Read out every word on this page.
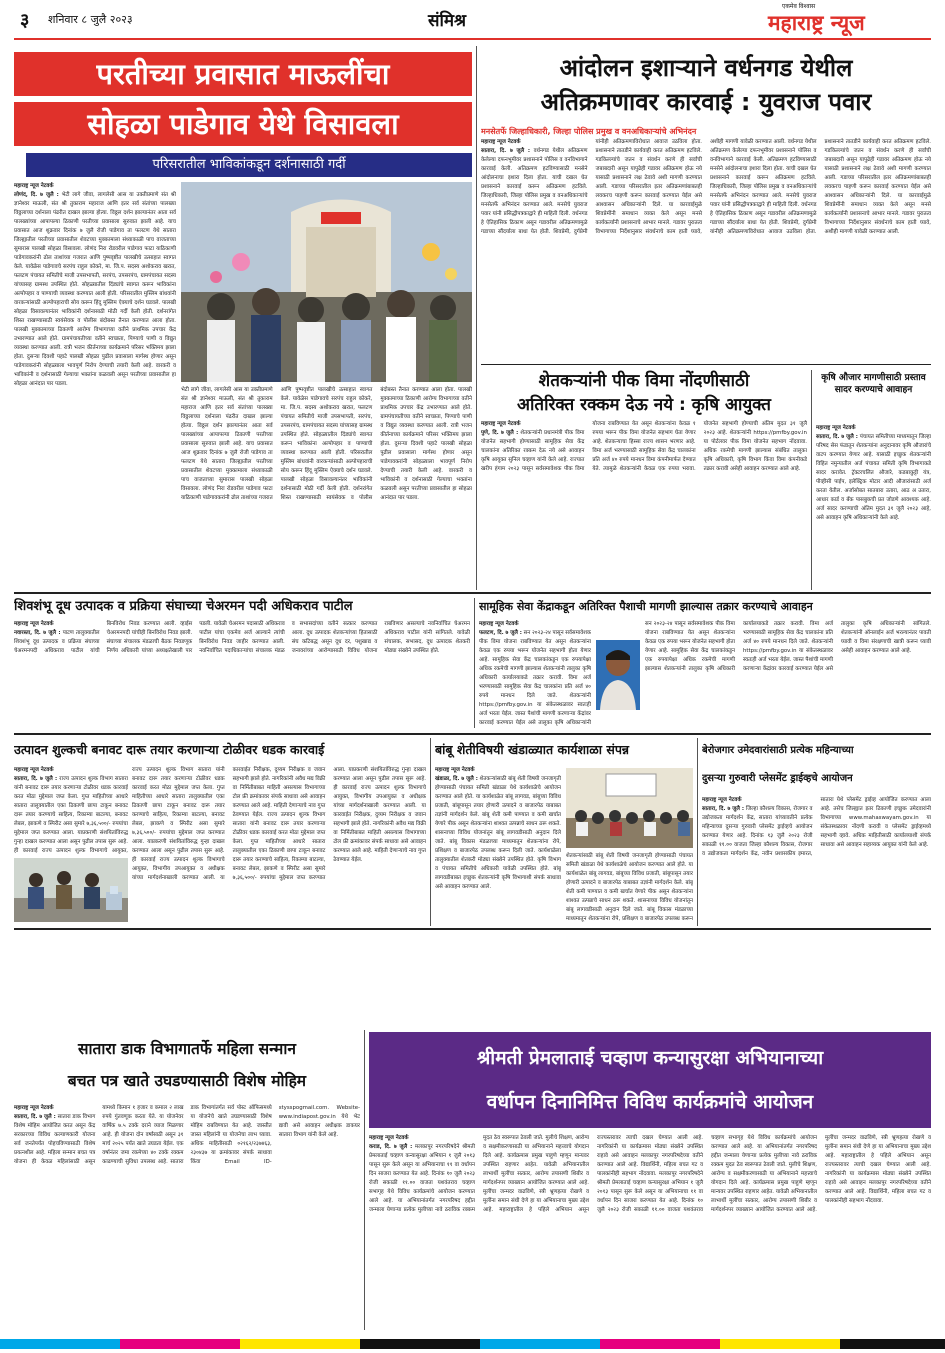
३ शनिवार ८ जुलै २०२३	संमिश्र
एकमेव विश्वास
महाराष्ट्र न्यूज
परतीच्या प्रवासात माऊलींचा
सोहळा पाडेगाव येथे विसावला
परिसरातील भाविकांकडून दर्शनासाठी गर्दी
महाराष्ट्र न्यूज नेटवर्क
लोणंद, दि. ७ जुलै : भेटी लागे जीवा, लागलेसी आस या उक्तीप्रमाणे संत श्री ज्ञानेश्वर माऊली, संत श्री तुकाराम महाराज आणि इतर सर्व संतांच्या पालख्या विठ्ठलाच्या दर्शनाला पंढरीत दाखल झाल्या होत्या. विठ्ठल दर्शन झाल्यानंतर आता सर्व पालख्यांच्या आपापल्या ठिकाणी परतीच्या प्रवासाला सुरुवात झाली आहे. याच प्रवासात आज शुक्रवार दिनांक ७ जुलै रोजी पाडेगाव ता फलटण येथे सातारा जिल्ह्यातील परतीच्या प्रवासातील शेवटच्या मुक्कामाला संध्याकाळी पाच वाजताच्या सुमारास पालखी सोहळा विसावला. लोणंद निरा रोडवरील पाडेगाव फाटा याठिकाणी पाडेगावकरांनी ढोल ताशांच्या गजरात आणि पुष्पवृष्टीत पालखीचे उत्साहात स्वागत केले. यावेळेस पाडेगावचे सरपंच राहुल कोकरे, मा. जि.प. सदस्य अशोकराव खरात, फलटण पंचायत समितीचे माजी उपसभापती, सरपंच, उपसरपंच, ग्रामपंचायत सदस्य यांच्यासह ग्रामस्थ उपस्थित होते. सोहळ्यातील दिंड्यांचे स्वागत करून भाविकांना अल्पोपहार व पाण्याची व्यवस्था करण्यात आली होती. परिसरातील मुस्लिम बांधवांनी वारकऱ्यांसाठी अल्पोपहाराची सोय करून हिंदू मुस्लिम ऐक्याचे दर्शन घडवले. पालखी सोहळा विसावल्यानंतर भाविकांनी दर्शनासाठी मोठी गर्दी केली होती. दर्शनरांगेत शिस्त राखण्यासाठी स्वयंसेवक व पोलीस बंदोबस्त तैनात करण्यात आला होता. पालखी मुक्कामाच्या ठिकाणी आरोग्य विभागाच्या वतीने प्राथमिक उपचार केंद्र उभारण्यात आले होते. ग्रामपंचायतीच्या वतीने स्वच्छता, पिण्याचे पाणी व विद्युत व्यवस्था करण्यात आली. रात्री भजन कीर्तनाच्या कार्यक्रमाने परिसर भक्तिमय झाला होता. दुसऱ्या दिवशी पहाटे पालखी सोहळा पुढील प्रवासाला मार्गस्थ होणार असून पाडेगावकरांनी सोहळ्याला भावपूर्ण निरोप देण्याची तयारी केली आहे. वारकरी व भाविकांनी व दर्शनासाठी गेल्याचा भक्तांना कळवली असून परतीच्या प्रवासातील हा सोहळा आनंदात पार पडला.
भेटी लागे जीवा, लागलेसी आस या उक्तीप्रमाणे संत श्री ज्ञानेश्वर माऊली, संत श्री तुकाराम महाराज आणि इतर सर्व संतांच्या पालख्या विठ्ठलाच्या दर्शनाला पंढरीत दाखल झाल्या होत्या. विठ्ठल दर्शन झाल्यानंतर आता सर्व पालख्यांच्या आपापल्या ठिकाणी परतीच्या प्रवासाला सुरुवात झाली आहे. याच प्रवासात आज शुक्रवार दिनांक ७ जुलै रोजी पाडेगाव ता फलटण येथे सातारा जिल्ह्यातील परतीच्या प्रवासातील शेवटच्या मुक्कामाला संध्याकाळी पाच वाजताच्या सुमारास पालखी सोहळा विसावला. लोणंद निरा रोडवरील पाडेगाव फाटा याठिकाणी पाडेगावकरांनी ढोल ताशांच्या गजरात आणि पुष्पवृष्टीत पालखीचे उत्साहात स्वागत केले. यावेळेस पाडेगावचे सरपंच राहुल कोकरे, मा. जि.प. सदस्य अशोकराव खरात, फलटण पंचायत समितीचे माजी उपसभापती, सरपंच, उपसरपंच, ग्रामपंचायत सदस्य यांच्यासह ग्रामस्थ उपस्थित होते. सोहळ्यातील दिंड्यांचे स्वागत करून भाविकांना अल्पोपहार व पाण्याची व्यवस्था करण्यात आली होती. परिसरातील मुस्लिम बांधवांनी वारकऱ्यांसाठी अल्पोपहाराची सोय करून हिंदू मुस्लिम ऐक्याचे दर्शन घडवले. पालखी सोहळा विसावल्यानंतर भाविकांनी दर्शनासाठी मोठी गर्दी केली होती. दर्शनरांगेत शिस्त राखण्यासाठी स्वयंसेवक व पोलीस बंदोबस्त तैनात करण्यात आला होता. पालखी मुक्कामाच्या ठिकाणी आरोग्य विभागाच्या वतीने प्राथमिक उपचार केंद्र उभारण्यात आले होते. ग्रामपंचायतीच्या वतीने स्वच्छता, पिण्याचे पाणी व विद्युत व्यवस्था करण्यात आली. रात्री भजन कीर्तनाच्या कार्यक्रमाने परिसर भक्तिमय झाला होता. दुसऱ्या दिवशी पहाटे पालखी सोहळा पुढील प्रवासाला मार्गस्थ होणार असून पाडेगावकरांनी सोहळ्याला भावपूर्ण निरोप देण्याची तयारी केली आहे. वारकरी व भाविकांनी व दर्शनासाठी गेल्याचा भक्तांना कळवली असून परतीच्या प्रवासातील हा सोहळा आनंदात पार पडला.
आंदोलन इशाऱ्याने वर्धनगड येथील
अतिक्रमणावर कारवाई : युवराज पवार
मनसेतर्फे जिल्हाधिकारी, जिल्हा पोलिस प्रमुख व वनअधिकाऱ्यांचे अभिनंदन
महाराष्ट्र न्यूज नेटवर्क
सातारा, दि. ७ जुलै : वर्धनगड येथील अतिक्रमण केलेल्या दफनभूमीवर प्रशासनाने पोलिस व वनविभागाने कारवाई केली. अतिक्रमण हटविण्यासाठी मनसेने आंदोलनाचा इशारा दिला होता. याची दखल घेत प्रशासनाने कारवाई करून अतिक्रमण हटविले. जिल्हाधिकारी, जिल्हा पोलिस प्रमुख व वनअधिकाऱ्यांचे मनसेतर्फे अभिनंदन करण्यात आले. मनसेचे युवराज पवार यांनी प्रसिद्धीपत्रकाद्वारे ही माहिती दिली. वर्धनगड हे ऐतिहासिक ठिकाण असून गडावरील अतिक्रमणामुळे गडाच्या सौंदर्याला बाधा येत होती. शिवप्रेमी, दुर्गप्रेमी यांनीही अतिक्रमणाविरोधात आवाज उठविला होता. प्रशासनाने तातडीने कार्यवाही करत अतिक्रमण हटविले. गडकिल्ल्यांचे जतन व संवर्धन करणे ही सर्वांची जबाबदारी असून यापुढेही गडावर अतिक्रमण होऊ नये यासाठी प्रशासनाने लक्ष ठेवावे अशी मागणी करण्यात आली. गडाच्या परिसरातील इतर अतिक्रमणांबाबतही लवकरच पाहणी करून कारवाई करण्यात येईल असे आश्वासन अधिकाऱ्यांनी दिले. या कारवाईमुळे शिवप्रेमींनी समाधान व्यक्त केले असून मनसे कार्यकर्त्यांनी प्रशासनाचे आभार मानले. गडावर पुरातत्व विभागाच्या निर्देशानुसार संवर्धनाचे काम हाती घ्यावे, अशीही मागणी यावेळी करण्यात आली. वर्धनगड येथील अतिक्रमण केलेल्या दफनभूमीवर प्रशासनाने पोलिस व वनविभागाने कारवाई केली. अतिक्रमण हटविण्यासाठी मनसेने आंदोलनाचा इशारा दिला होता. याची दखल घेत प्रशासनाने कारवाई करून अतिक्रमण हटविले. जिल्हाधिकारी, जिल्हा पोलिस प्रमुख व वनअधिकाऱ्यांचे मनसेतर्फे अभिनंदन करण्यात आले. मनसेचे युवराज पवार यांनी प्रसिद्धीपत्रकाद्वारे ही माहिती दिली. वर्धनगड हे ऐतिहासिक ठिकाण असून गडावरील अतिक्रमणामुळे गडाच्या सौंदर्याला बाधा येत होती. शिवप्रेमी, दुर्गप्रेमी यांनीही अतिक्रमणाविरोधात आवाज उठविला होता. प्रशासनाने तातडीने कार्यवाही करत अतिक्रमण हटविले. गडकिल्ल्यांचे जतन व संवर्धन करणे ही सर्वांची जबाबदारी असून यापुढेही गडावर अतिक्रमण होऊ नये यासाठी प्रशासनाने लक्ष ठेवावे अशी मागणी करण्यात आली. गडाच्या परिसरातील इतर अतिक्रमणांबाबतही लवकरच पाहणी करून कारवाई करण्यात येईल असे आश्वासन अधिकाऱ्यांनी दिले. या कारवाईमुळे शिवप्रेमींनी समाधान व्यक्त केले असून मनसे कार्यकर्त्यांनी प्रशासनाचे आभार मानले. गडावर पुरातत्व विभागाच्या निर्देशानुसार संवर्धनाचे काम हाती घ्यावे, अशीही मागणी यावेळी करण्यात आली.
शेतकऱ्यांनी पीक विमा नोंदणीसाठी
अतिरिक्त रक्कम देऊ नये : कृषि आयुक्त
महाराष्ट्र न्यूज नेटवर्क
पुणे, दि. ७ जुलै : शेतकऱ्यांनी प्रधानमंत्री पीक विमा योजनेत सहभागी होण्यासाठी सामूहिक सेवा केंद्र चालकांना अतिरिक्त रक्कम देऊ नये असे आवाहन कृषि आयुक्त सुनिल चव्हाण यांनी केले आहे. राज्यात खरीप हंगाम २०२३ पासून सर्वसमावेशक पीक विमा योजना राबविण्यात येत असून शेतकऱ्यांना केवळ १ रुपया भरून पीक विमा योजनेत सहभाग घेता येणार आहे. शेतकऱ्याचा हिस्सा राज्य शासन भरणार आहे. विमा अर्ज भरण्यासाठी सामूहिक सेवा केंद्र चालकांना प्रति अर्ज ४० रुपये मानधन विमा कंपनीमार्फत देण्यात येते. त्यामुळे शेतकऱ्यांनी केवळ एक रुपया भरावा. योजनेत सहभागी होण्याची अंतिम मुदत ३१ जुलै २०२३ आहे. शेतकऱ्यांनी https://pmfby.gov.in या पोर्टलवर पीक विमा योजनेत सहभाग नोंदवावा. अधिक रकमेची मागणी झाल्यास संबंधित तालुका कृषि अधिकारी, कृषि विभाग किंवा विमा कंपनीकडे तक्रार करावी असेही आवाहन करण्यात आले आहे.
कृषि औजार मागणीसाठी प्रस्ताव सादर करण्याचे आवाहन
महाराष्ट्र न्यूज नेटवर्क
सातारा, दि. ७ जुलै : पंचायत समितीच्या माध्यमातून जिल्हा परिषद सेस फंडातून शेतकऱ्यांना अनुदानावर कृषि औजारांचे वाटप करण्यात येणार आहे. यासाठी इच्छुक शेतकऱ्यांनी विहित नमुन्यातील अर्ज पंचायत समिती कृषि विभागाकडे सादर करावेत. ट्रॅक्टरचलित औजारे, कडबाकुट्टी यंत्र, पीव्हीसी पाईप, इलेक्ट्रिक मोटार आदी औजारांसाठी अर्ज करता येतील. अर्जासोबत सातबारा उतारा, आठ अ उतारा, आधार कार्ड व बँक पासबुकची प्रत जोडणे आवश्यक आहे. अर्ज सादर करण्याची अंतिम मुदत ३१ जुलै २०२३ आहे, असे आवाहन कृषि अधिकाऱ्यांनी केले आहे.
शिवशंभू दूध उत्पादक व प्रक्रिया संघाच्या चेअरमन पदी अधिकराव पाटील
महाराष्ट्र न्यूज नेटवर्क
नवारस्ता, दि. ७ जुलै : पाटण तालुक्यातील शिवशंभू दूध उत्पादक व प्रक्रिया संघाच्या चेअरमनपदी अधिकराव पाटील यांची बिनविरोध निवड करण्यात आली. व्हाईस चेअरमनपदी यांचीही बिनविरोध निवड झाली. संघाच्या संचालक मंडळाची बैठक निवडणूक निर्णय अधिकारी यांच्या अध्यक्षतेखाली पार पडली. यावेळी चेअरमन पदासाठी अधिकराव पाटील यांचा एकमेव अर्ज आल्याने त्यांची बिनविरोध निवड जाहीर करण्यात आली. नवनिर्वाचित पदाधिकाऱ्यांचा संचालक मंडळ व सभासदांच्या वतीने सत्कार करण्यात आला. दूध उत्पादक शेतकऱ्यांच्या हितासाठी संघ कटिबद्ध असून दूध दर, पशुखाद्य व जनावरांच्या आरोग्यासाठी विविध योजना राबविणार असल्याचे नवनिर्वाचित चेअरमन अधिकराव पाटील यांनी सांगितले. यावेळी संचालक, सभासद, दूध उत्पादक शेतकरी मोठ्या संख्येने उपस्थित होते.
सामूहिक सेवा केंद्राकडून अतिरिक्त पैशाची मागणी झाल्यास तक्रार करण्याचे आवाहन
महाराष्ट्र न्यूज नेटवर्क
फलटण, दि. ७ जुलै : सन २०२३-२४ पासून सर्वसमावेशक पीक विमा योजना राबविण्यात येत असून शेतकऱ्यांना केवळ एक रुपया भरून योजनेत सहभागी होता येणार आहे. सामूहिक सेवा केंद्र चालकांकडून एक रुपयापेक्षा अधिक रकमेची मागणी झाल्यास शेतकऱ्यांनी तालुका कृषि अधिकारी कार्यालयाकडे तक्रार करावी. विमा अर्ज भरण्यासाठी सामूहिक सेवा केंद्र चालकांना प्रति अर्ज ४० रुपये मानधन दिले जाते. शेतकऱ्यांनी https://pmfby.gov.in या संकेतस्थळावर स्वतःही अर्ज भरता येईल. जास्त पैशांची मागणी करणाऱ्या केंद्रांवर कारवाई करण्यात येईल असे तालुका कृषि अधिकाऱ्यांनी
सन २०२३-२४ पासून सर्वसमावेशक पीक विमा योजना राबविण्यात येत असून शेतकऱ्यांना केवळ एक रुपया भरून योजनेत सहभागी होता येणार आहे. सामूहिक सेवा केंद्र चालकांकडून एक रुपयापेक्षा अधिक रकमेची मागणी झाल्यास शेतकऱ्यांनी तालुका कृषि अधिकारी कार्यालयाकडे तक्रार करावी. विमा अर्ज भरण्यासाठी सामूहिक सेवा केंद्र चालकांना प्रति अर्ज ४० रुपये मानधन दिले जाते. शेतकऱ्यांनी https://pmfby.gov.in या संकेतस्थळावर स्वतःही अर्ज भरता येईल. जास्त पैशांची मागणी करणाऱ्या केंद्रांवर कारवाई करण्यात येईल असे तालुका कृषि अधिकाऱ्यांनी सांगितले. शेतकऱ्यांनी ऑनलाईन अर्ज भरल्यानंतर पावती घ्यावी व विमा संरक्षणाची खात्री करून घ्यावी असेही आवाहन करण्यात आले आहे.
उत्पादन शुल्कची बनावट दारू तयार करणाऱ्या टोळीवर धडक कारवाई
महाराष्ट्र न्यूज नेटवर्क
सातारा, दि. ७ जुलै : राज्य उत्पादन शुल्क विभाग सातारा यांनी बनावट दारू तयार करणाऱ्या टोळीवर धडक कारवाई करत मोठा मुद्देमाल जप्त केला. गुप्त माहितीच्या आधारे सातारा तालुक्यातील एका ठिकाणी छापा टाकून बनावट दारू तयार करण्याचे साहित्य, रिकाम्या बाटल्या, बनावट लेबल, झाकणे व स्पिरीट असा सुमारे ७,३६,५००/- रुपयांचा मुद्देमाल जप्त करण्यात आला. याप्रकरणी संशयितांविरुद्ध गुन्हा दाखल करण्यात आला असून पुढील तपास सुरू आहे. ही कारवाई राज्य उत्पादन शुल्क विभागाचे आयुक्त,
राज्य उत्पादन शुल्क विभाग सातारा यांनी बनावट दारू तयार करणाऱ्या टोळीवर धडक कारवाई करत मोठा मुद्देमाल जप्त केला. गुप्त माहितीच्या आधारे सातारा तालुक्यातील एका ठिकाणी छापा टाकून बनावट दारू तयार करण्याचे साहित्य, रिकाम्या बाटल्या, बनावट लेबल, झाकणे व स्पिरीट असा सुमारे ७,३६,५००/- रुपयांचा मुद्देमाल जप्त करण्यात आला. याप्रकरणी संशयितांविरुद्ध गुन्हा दाखल करण्यात आला असून पुढील तपास सुरू आहे. ही कारवाई राज्य उत्पादन शुल्क विभागाचे आयुक्त, विभागीय उपआयुक्त व अधीक्षक यांच्या मार्गदर्शनाखाली करण्यात आली. या कारवाईत निरीक्षक, दुय्यम निरीक्षक व जवान सहभागी झाले होते. नागरिकांनी अवैध मद्य विक्री वा निर्मितीबाबत माहिती असल्यास विभागाच्या टोल फ्री क्रमांकावर संपर्क साधावा असे आवाहन करण्यात आले आहे. माहिती देणाऱ्याचे नाव गुप्त ठेवण्यात येईल. राज्य उत्पादन शुल्क विभाग सातारा यांनी बनावट दारू तयार करणाऱ्या टोळीवर धडक कारवाई करत मोठा मुद्देमाल जप्त केला. गुप्त माहितीच्या आधारे सातारा तालुक्यातील एका ठिकाणी छापा टाकून बनावट दारू तयार करण्याचे साहित्य, रिकाम्या बाटल्या, बनावट लेबल, झाकणे व स्पिरीट असा सुमारे ७,३६,५००/- रुपयांचा मुद्देमाल जप्त करण्यात आला. याप्रकरणी संशयितांविरुद्ध गुन्हा दाखल करण्यात आला असून पुढील तपास सुरू आहे. ही कारवाई राज्य उत्पादन शुल्क विभागाचे आयुक्त, विभागीय उपआयुक्त व अधीक्षक यांच्या मार्गदर्शनाखाली करण्यात आली. या कारवाईत निरीक्षक, दुय्यम निरीक्षक व जवान सहभागी झाले होते. नागरिकांनी अवैध मद्य विक्री वा निर्मितीबाबत माहिती असल्यास विभागाच्या टोल फ्री क्रमांकावर संपर्क साधावा असे आवाहन करण्यात आले आहे. माहिती देणाऱ्याचे नाव गुप्त ठेवण्यात येईल.
बांबू शेतीविषयी खंडाळ्यात कार्यशाळा संपन्न
महाराष्ट्र न्यूज नेटवर्क
खंडाळा, दि. ७ जुलै : शेतकऱ्यांसाठी बांबू शेती विषयी जनजागृती होण्यासाठी पंचायत समिती खंडाळा येथे कार्यशाळेचे आयोजन करण्यात आले होते. या कार्यशाळेत बांबू लागवड, बांबूच्या विविध प्रजाती, बांबूपासून तयार होणारी उत्पादने व बाजारपेठ याबाबत तज्ञांनी मार्गदर्शन केले. बांबू शेती कमी पाण्यात व कमी खर्चात येणारे पीक असून शेतकऱ्यांना शाश्वत उत्पन्नाचे साधन ठरू शकते. शासनाच्या विविध योजनांतून बांबू लागवडीसाठी अनुदान दिले जाते. बांबू विकास मंडळाच्या माध्यमातून शेतकऱ्यांना रोपे, प्रशिक्षण व बाजारपेठ उपलब्ध करून दिली जाते. कार्यशाळेला तालुक्यातील शेतकरी मोठ्या संख्येने उपस्थित होते. कृषि विभाग व पंचायत समितीचे अधिकारी यावेळी उपस्थित होते. बांबू लागवडीबाबत इच्छुक शेतकऱ्यांनी कृषि विभागाशी संपर्क साधावा असे आवाहन करण्यात आले.
शेतकऱ्यांसाठी बांबू शेती विषयी जनजागृती होण्यासाठी पंचायत समिती खंडाळा येथे कार्यशाळेचे आयोजन करण्यात आले होते. या कार्यशाळेत बांबू लागवड, बांबूच्या विविध प्रजाती, बांबूपासून तयार होणारी उत्पादने व बाजारपेठ याबाबत तज्ञांनी मार्गदर्शन केले. बांबू शेती कमी पाण्यात व कमी खर्चात येणारे पीक असून शेतकऱ्यांना शाश्वत उत्पन्नाचे साधन ठरू शकते. शासनाच्या विविध योजनांतून बांबू लागवडीसाठी अनुदान दिले जाते. बांबू विकास मंडळाच्या माध्यमातून शेतकऱ्यांना रोपे, प्रशिक्षण व बाजारपेठ उपलब्ध करून
बेरोजगार उमेदवारांसाठी प्रत्येक महिन्याच्या
दुसऱ्या गुरुवारी प्लेसमेंट ड्राईव्हचे आयोजन
महाराष्ट्र न्यूज नेटवर्क
सातारा, दि. ७ जुलै : जिल्हा कौशल्य विकास, रोजगार व उद्योजकता मार्गदर्शन केंद्र, सातारा यांच्यावतीने प्रत्येक महिन्याच्या दुसऱ्या गुरुवारी प्लेसमेंट ड्राईव्हचे आयोजन करण्यात येणार आहे. दिनांक १३ जुलै २०२३ रोजी सकाळी ११.०० वाजता जिल्हा कौशल्य विकास, रोजगार व उद्योजकता मार्गदर्शन केंद्र, नवीन प्रशासकीय इमारत, सातारा येथे प्लेसमेंट ड्राईव्ह आयोजित करण्यात आला आहे. तसेच जिल्ह्यात इतर ठिकाणी इच्छुक उमेदवारांनी विभागाच्या www.mahaswayam.gov.in या संकेतस्थळावर नोंदणी करावी व प्लेसमेंट ड्राईव्हमध्ये सहभागी व्हावे. अधिक माहितीसाठी कार्यालयाशी संपर्क साधावा असे आवाहन सहाय्यक आयुक्त यांनी केले आहे.
सातारा डाक विभागातर्फे महिला सन्मान
बचत पत्र खाते उघडण्यासाठी विशेष मोहिम
महाराष्ट्र न्यूज नेटवर्क
सातारा, दि. ७ जुलै : सातारा डाक विभाग विशेष मोहिम आयोजित करत असून केंद्र सरकारच्या विविध कल्याणकारी योजना सर्व जनतेपर्यंत पोहचविण्यासाठी विशेष प्रयत्नशील आहे. महिला सन्मान बचत पत्र योजना ही केवळ महिलांसाठी असून यामध्ये किमान १ हजार व कमाल २ लाख रुपये गुंतवणूक करता येते. या योजनेवर वार्षिक ७.५ टक्के दराने व्याज मिळणार आहे. ही योजना दोन वर्षांसाठी असून ३१ मार्च २०२५ पर्यंत खाते उघडता येईल. एक वर्षानंतर जमा रकमेच्या ४० टक्के रक्कम काढण्याची सुविधा उपलब्ध आहे. सातारा डाक विभागांतर्गत सर्व पोस्ट ऑफिसमध्ये या योजनेचे खाते उघडण्यासाठी विशेष मोहिम राबविण्यात येत आहे. जास्तीत जास्त महिलांनी या योजनेचा लाभ घ्यावा. अधिक माहितीसाठी ०२१६२/२३७४६३, २३०४३७ या क्रमांकावर संपर्क साधावा किंवा Email ID- stysspogmail.com. Website- www.indiapost.gov.in येथे भेट द्यावी असे आवाहन अधीक्षक डाकघर सातारा विभाग यांनी केले आहे.
श्रीमती प्रेमलाताई चव्हाण कन्यासुरक्षा अभियानाच्या
वर्धापन दिनानिमित्त विविध कार्यक्रमांचे आयोजन
महाराष्ट्र न्यूज नेटवर्क
कराड, दि. ७ जुलै : मलकापूर नगरपरिषदेने श्रीमती प्रेमलाताई चव्हाण कन्यासुरक्षा अभियान १ जुलै २०१३ पासून सुरू केले असून या अभियानाचा ११ वा वर्धापन दिन साजरा करण्यात येत आहे. दिनांक १० जुलै २०२३ रोजी सकाळी ११.०० वाजता यशवंतराव चव्हाण सभागृह येथे विविध कार्यक्रमांचे आयोजन करण्यात आले आहे. या अभियानांतर्गत नगरपरिषद हद्दीत जन्माला येणाऱ्या प्रत्येक मुलीच्या नावे ठराविक रक्कम मुदत ठेव स्वरूपात ठेवली जाते. मुलीचे शिक्षण, आरोग्य व सक्षमीकरणासाठी या अभियानाने महत्त्वाचे योगदान दिले आहे. कार्यक्रमास प्रमुख पाहुणे म्हणून मान्यवर उपस्थित राहणार आहेत. यावेळी अभियानातील लाभार्थी मुलींचा सत्कार, आरोग्य तपासणी शिबीर व मार्गदर्शनपर व्याख्यान आयोजित करण्यात आले आहे. मुलींचा जन्मदर वाढविणे, स्त्री भ्रूणहत्या रोखणे व मुलींना समान संधी देणे हा या अभियानाचा मुख्य उद्देश आहे. महाराष्ट्रातील हे पहिले अभियान असून राज्यस्तरावर त्याची दखल घेण्यात आली आहे. नागरिकांनी या कार्यक्रमास मोठ्या संख्येने उपस्थित राहावे असे आवाहन मलकापूर नगरपरिषदेच्या वतीने करण्यात आले आहे. विद्यार्थिनी, महिला बचत गट व पालकांनीही सहभाग नोंदवावा. मलकापूर नगरपरिषदेने श्रीमती प्रेमलाताई चव्हाण कन्यासुरक्षा अभियान १ जुलै २०१३ पासून सुरू केले असून या अभियानाचा ११ वा वर्धापन दिन साजरा करण्यात येत आहे. दिनांक १० जुलै २०२३ रोजी सकाळी ११.०० वाजता यशवंतराव चव्हाण सभागृह येथे विविध कार्यक्रमांचे आयोजन करण्यात आले आहे. या अभियानांतर्गत नगरपरिषद हद्दीत जन्माला येणाऱ्या प्रत्येक मुलीच्या नावे ठराविक रक्कम मुदत ठेव स्वरूपात ठेवली जाते. मुलीचे शिक्षण, आरोग्य व सक्षमीकरणासाठी या अभियानाने महत्त्वाचे योगदान दिले आहे. कार्यक्रमास प्रमुख पाहुणे म्हणून मान्यवर उपस्थित राहणार आहेत. यावेळी अभियानातील लाभार्थी मुलींचा सत्कार, आरोग्य तपासणी शिबीर व मार्गदर्शनपर व्याख्यान आयोजित करण्यात आले आहे. मुलींचा जन्मदर वाढविणे, स्त्री भ्रूणहत्या रोखणे व मुलींना समान संधी देणे हा या अभियानाचा मुख्य उद्देश आहे. महाराष्ट्रातील हे पहिले अभियान असून राज्यस्तरावर त्याची दखल घेण्यात आली आहे. नागरिकांनी या कार्यक्रमास मोठ्या संख्येने उपस्थित राहावे असे आवाहन मलकापूर नगरपरिषदेच्या वतीने करण्यात आले आहे. विद्यार्थिनी, महिला बचत गट व पालकांनीही सहभाग नोंदवावा.
